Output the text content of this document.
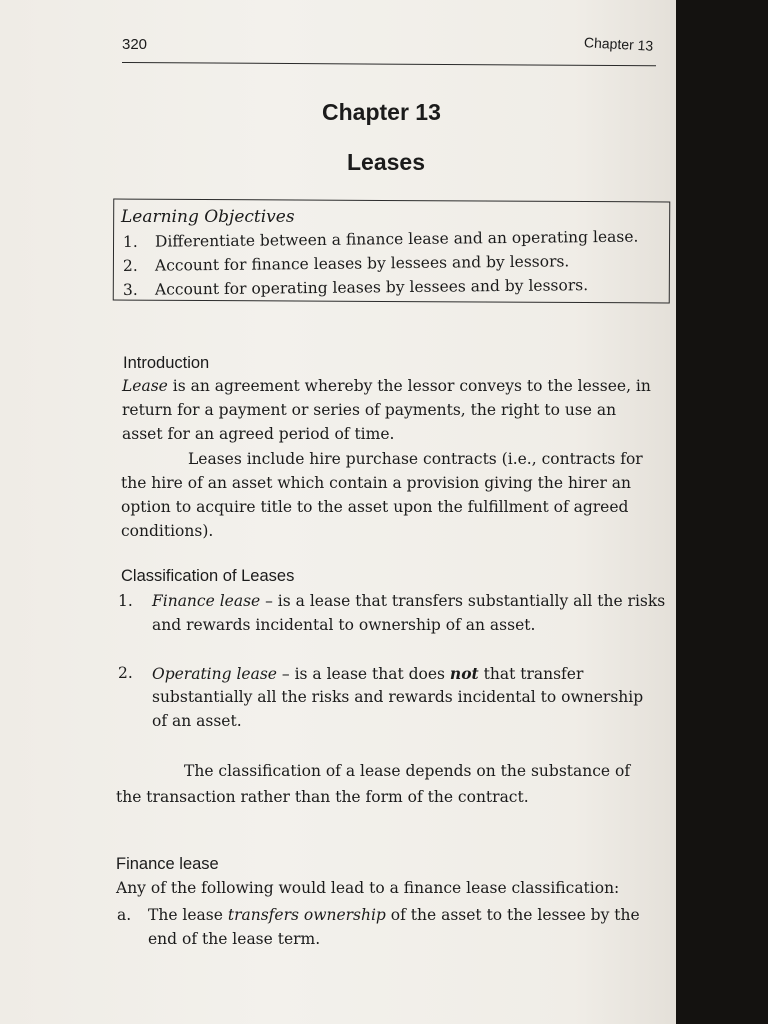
320	Chapter 13
Chapter 13
Leases
Learning Objectives
1. Differentiate between a finance lease and an operating lease.
2. Account for finance leases by lessees and by lessors.
3. Account for operating leases by lessees and by lessors.
Introduction
Lease is an agreement whereby the lessor conveys to the lessee, in
return for a payment or series of payments, the right to use an
asset for an agreed period of time.
Leases include hire purchase contracts (i.e., contracts for
the hire of an asset which contain a provision giving the hirer an
option to acquire title to the asset upon the fulfillment of agreed
conditions).
Classification of Leases
1. Finance lease – is a lease that transfers substantially all the risks
and rewards incidental to ownership of an asset.
2. Operating lease – is a lease that does not that transfer
substantially all the risks and rewards incidental to ownership
of an asset.
The classification of a lease depends on the substance of
the transaction rather than the form of the contract.
Finance lease
Any of the following would lead to a finance lease classification:
a. The lease transfers ownership of the asset to the lessee by the
end of the lease term.
